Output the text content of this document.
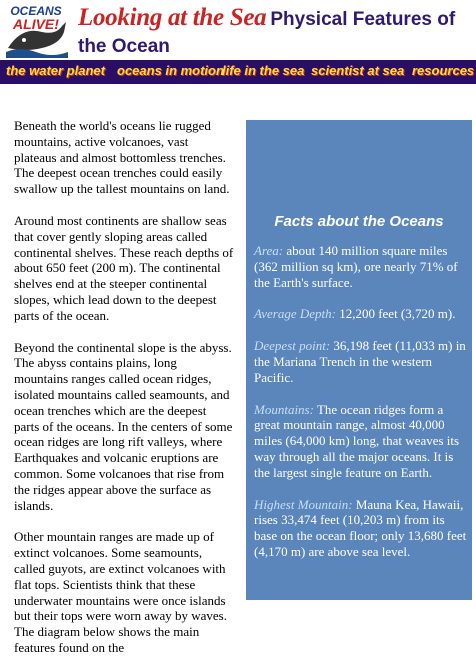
OCEANS
ALIVE! Looking at the Sea Physical Features of
the Ocean
the water planet oceans in motion
life in the sea scientist at sea resources

Beneath the world's oceans lie rugged mountains, active volcanoes, vast plateaus and almost bottomless trenches. The deepest ocean trenches could easily swallow up the tallest mountains on land.

Around most continents are shallow seas that cover gently sloping areas called continental shelves. These reach depths of about 650 feet (200 m). The continental shelves end at the steeper continental slopes, which lead down to the deepest parts of the ocean.

Beyond the continental slope is the abyss. The abyss contains plains, long mountains ranges called ocean ridges, isolated mountains called seamounts, and ocean trenches which are the deepest parts of the oceans. In the centers of some ocean ridges are long rift valleys, where Earthquakes and volcanic eruptions are common. Some volcanoes that rise from the ridges appear above the surface as islands.

Other mountain ranges are made up of extinct volcanoes. Some seamounts, called guyots, are extinct volcanoes with flat tops. Scientists think that these underwater mountains were once islands but their tops were worn away by waves. The diagram below shows the main features found on the

Facts about the Oceans
Area: about 140 million square miles (362 million sq km), ore nearly 71% of the Earth's surface.
Average Depth: 12,200 feet (3,720 m).
Deepest point: 36,198 feet (11,033 m) in the Mariana Trench in the western Pacific.
Mountains: The ocean ridges form a great mountain range, almost 40,000 miles (64,000 km) long, that weaves its way through all the major oceans. It is the largest single feature on Earth.
Highest Mountain: Mauna Kea, Hawaii, rises 33,474 feet (10,203 m) from its base on the ocean floor; only 13,680 feet (4,170 m) are above sea level.
